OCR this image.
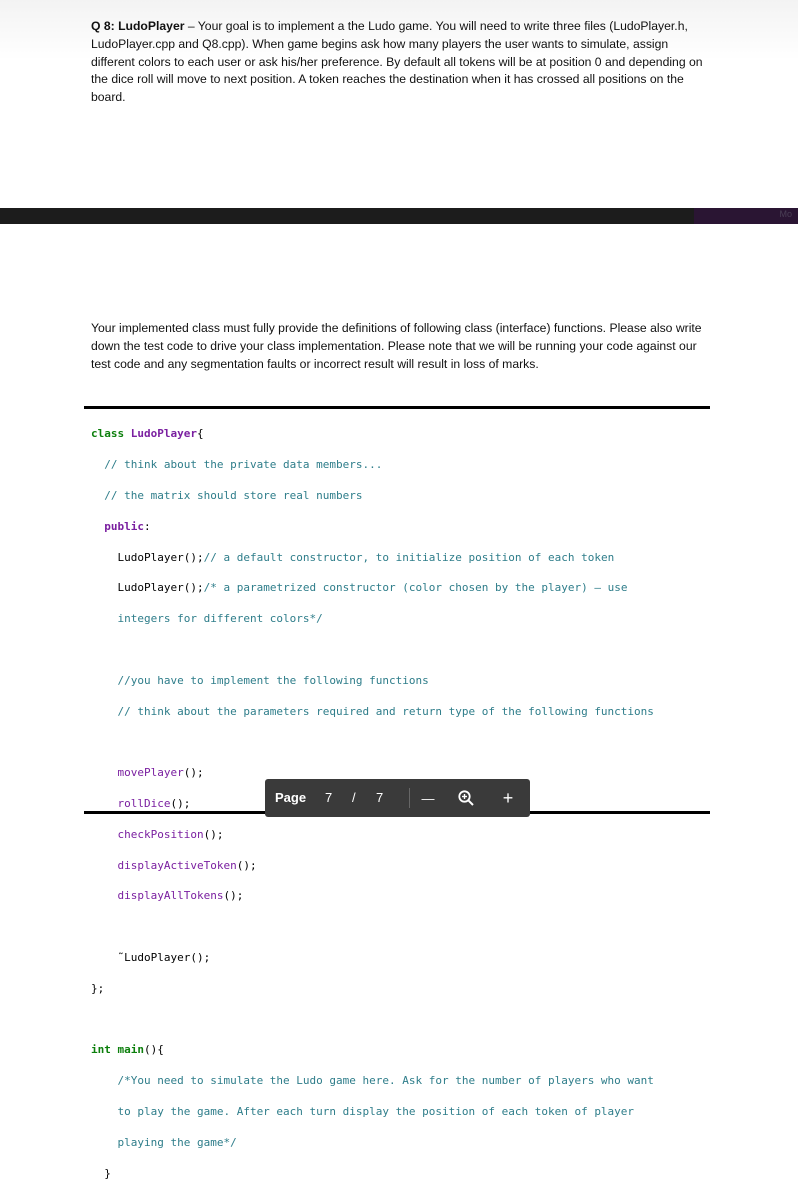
Q 8: LudoPlayer – Your goal is to implement a the Ludo game. You will need to write three files (LudoPlayer.h, LudoPlayer.cpp and Q8.cpp). When game begins ask how many players the user wants to simulate, assign different colors to each user or ask his/her preference. By default all tokens will be at position 0 and depending on the dice roll will move to next position. A token reaches the destination when it has crossed all positions on the board.
Mo
Your implemented class must fully provide the definitions of following class (interface) functions. Please also write down the test code to drive your class implementation. Please note that we will be running your code against our test code and any segmentation faults or incorrect result will result in loss of marks.

class LudoPlayer{

// think about the private data members...

// the matrix should store real numbers

public:

LudoPlayer();// a default constructor, to initialize position of each token

LudoPlayer();/* a parametrized constructor (color chosen by the player) – use

integers for different colors*/

//you have to implement the following functions

// think about the parameters required and return type of the following functions

movePlayer();

rollDice();

checkPosition();

displayActiveToken();

displayAllTokens();

˜LudoPlayer();

};

int main(){

/*You need to simulate the Ludo game here. Ask for the number of players who want

to play the game. After each turn display the position of each token of player

playing the game*/

}

Page 7 / 7	—	+
